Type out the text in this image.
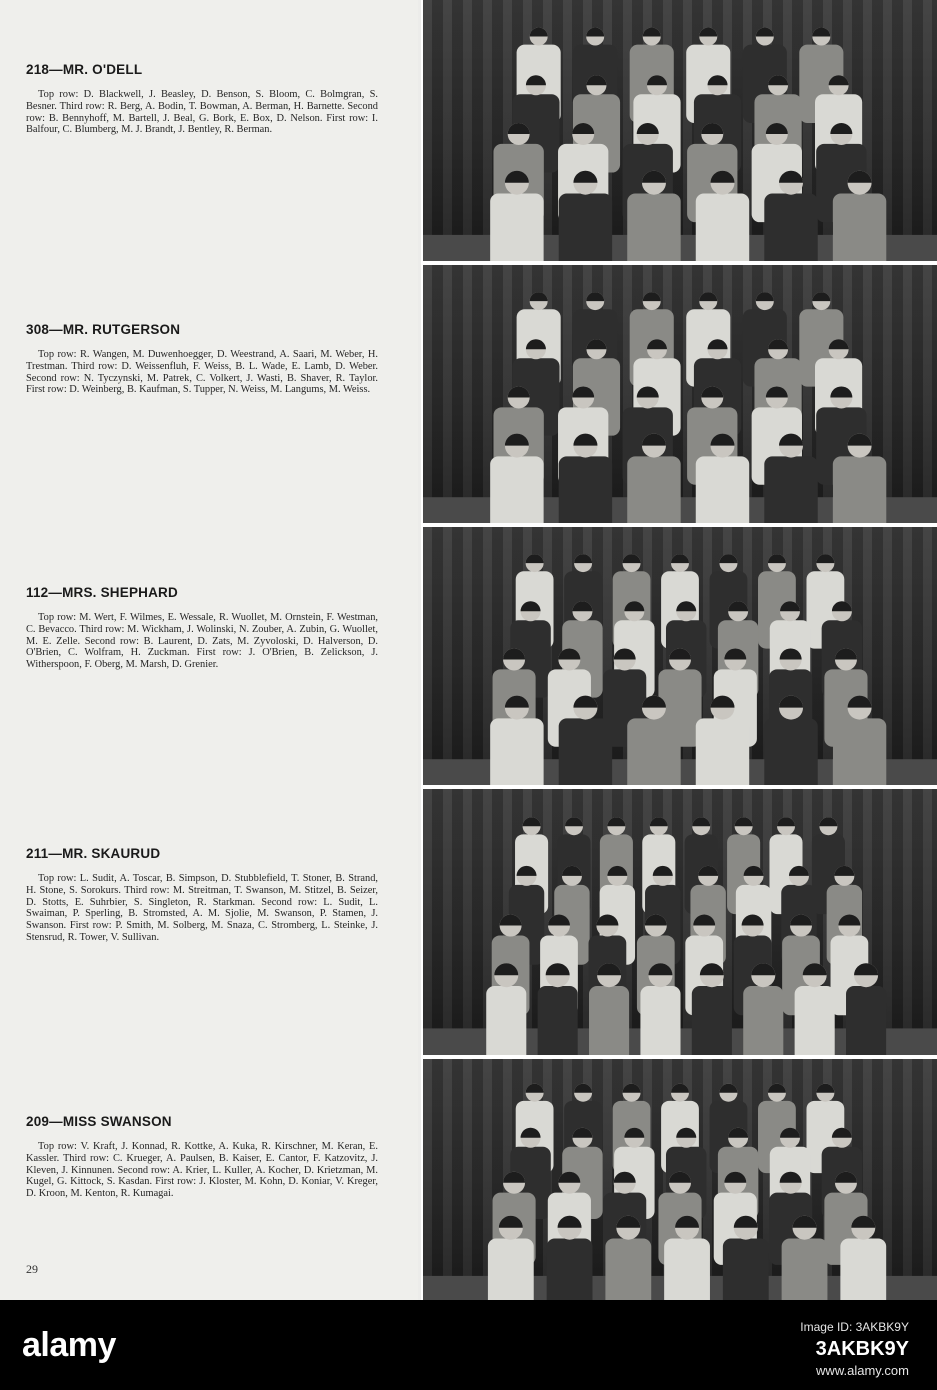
218—MR. O'DELL

Top row: D. Blackwell, J. Beasley, D. Benson, S. Bloom, C. Bolmgran, S. Besner. Third row: R. Berg, A. Bodin, T. Bowman, A. Berman, H. Barnette. Second row: B. Bennyhoff, M. Bartell, J. Beal, G. Bork, E. Box, D. Nelson. First row: I. Balfour, C. Blumberg, M. J. Brandt, J. Bentley, R. Berman.

308—MR. RUTGERSON

Top row: R. Wangen, M. Duwenhoegger, D. Weestrand, A. Saari, M. Weber, H. Trestman. Third row: D. Weissenfluh, F. Weiss, B. L. Wade, E. Lamb, D. Weber. Second row: N. Tyczynski, M. Patrek, C. Volkert, J. Wasti, B. Shaver, R. Taylor. First row: D. Weinberg, B. Kaufman, S. Tupper, N. Weiss, M. Langums, M. Weiss.

112—MRS. SHEPHARD

Top row: M. Wert, F. Wilmes, E. Wessale, R. Wuollet, M. Ornstein, F. Westman, C. Bevacco. Third row: M. Wickham, J. Wolinski, N. Zouber, A. Zubin, G. Wuollet, M. E. Zelle. Second row: B. Laurent, D. Zats, M. Zyvoloski, D. Halverson, D. O'Brien, C. Wolfram, H. Zuckman. First row: J. O'Brien, B. Zelickson, J. Witherspoon, F. Oberg, M. Marsh, D. Grenier.

211—MR. SKAURUD

Top row: L. Sudit, A. Toscar, B. Simpson, D. Stubblefield, T. Stoner, B. Strand, H. Stone, S. Sorokurs. Third row: M. Streitman, T. Swanson, M. Stitzel, B. Seizer, D. Stotts, E. Suhrbier, S. Singleton, R. Starkman. Second row: L. Sudit, L. Swaiman, P. Sperling, B. Stromsted, A. M. Sjolie, M. Swanson, P. Stamen, J. Swanson. First row: P. Smith, M. Solberg, M. Snaza, C. Stromberg, L. Steinke, J. Stensrud, R. Tower, V. Sullivan.

209—MISS SWANSON

Top row: V. Kraft, J. Konnad, R. Kottke, A. Kuka, R. Kirschner, M. Keran, E. Kassler. Third row: C. Krueger, A. Paulsen, B. Kaiser, E. Cantor, F. Katzovitz, J. Kleven, J. Kinnunen. Second row: A. Krier, L. Kuller, A. Kocher, D. Krietzman, M. Kugel, G. Kittock, S. Kasdan. First row: J. Kloster, M. Kohn, D. Koniar, V. Kreger, D. Kroon, M. Kenton, R. Kumagai.

29
alamy	Image ID: 3AKBK9Y
3AKBK9Y
www.alamy.com
